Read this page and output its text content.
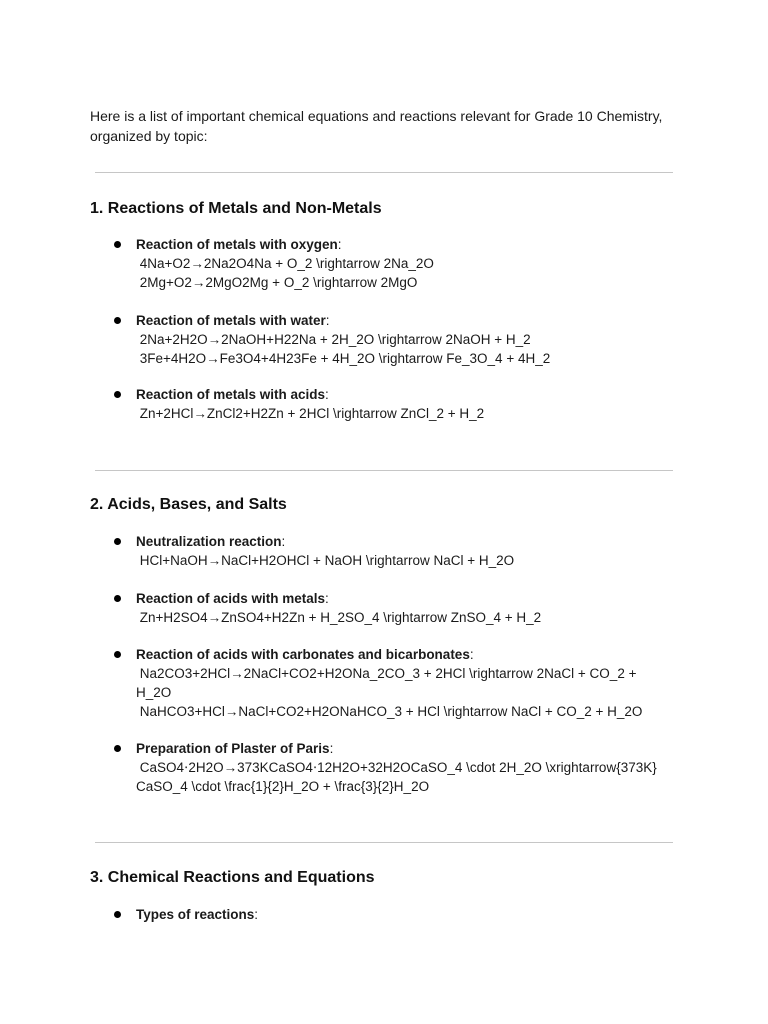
Here is a list of important chemical equations and reactions relevant for Grade 10 Chemistry, organized by topic:

1. Reactions of Metals and Non-Metals
Reaction of metals with oxygen:

4Na+O2→2Na2O4Na + O_2 \rightarrow 2Na_2O

2Mg+O2→2MgO2Mg + O_2 \rightarrow 2MgO

Reaction of metals with water:

2Na+2H2O→2NaOH+H22Na + 2H_2O \rightarrow 2NaOH + H_2

3Fe+4H2O→Fe3O4+4H23Fe + 4H_2O \rightarrow Fe_3O_4 + 4H_2

Reaction of metals with acids:

Zn+2HCl→ZnCl2+H2Zn + 2HCl \rightarrow ZnCl_2 + H_2

2. Acids, Bases, and Salts
Neutralization reaction:

HCl+NaOH→NaCl+H2OHCl + NaOH \rightarrow NaCl + H_2O

Reaction of acids with metals:

Zn+H2SO4→ZnSO4+H2Zn + H_2SO_4 \rightarrow ZnSO_4 + H_2

Reaction of acids with carbonates and bicarbonates:

Na2CO3+2HCl→2NaCl+CO2+H2ONa_2CO_3 + 2HCl \rightarrow 2NaCl + CO_2 +

H_2O

NaHCO3+HCl→NaCl+CO2+H2ONaHCO_3 + HCl \rightarrow NaCl + CO_2 + H_2O

Preparation of Plaster of Paris:

CaSO4⋅2H2O→373KCaSO4⋅12H2O+32H2OCaSO_4 \cdot 2H_2O \xrightarrow{373K}

CaSO_4 \cdot \frac{1}{2}H_2O + \frac{3}{2}H_2O

3. Chemical Reactions and Equations
Types of reactions:
